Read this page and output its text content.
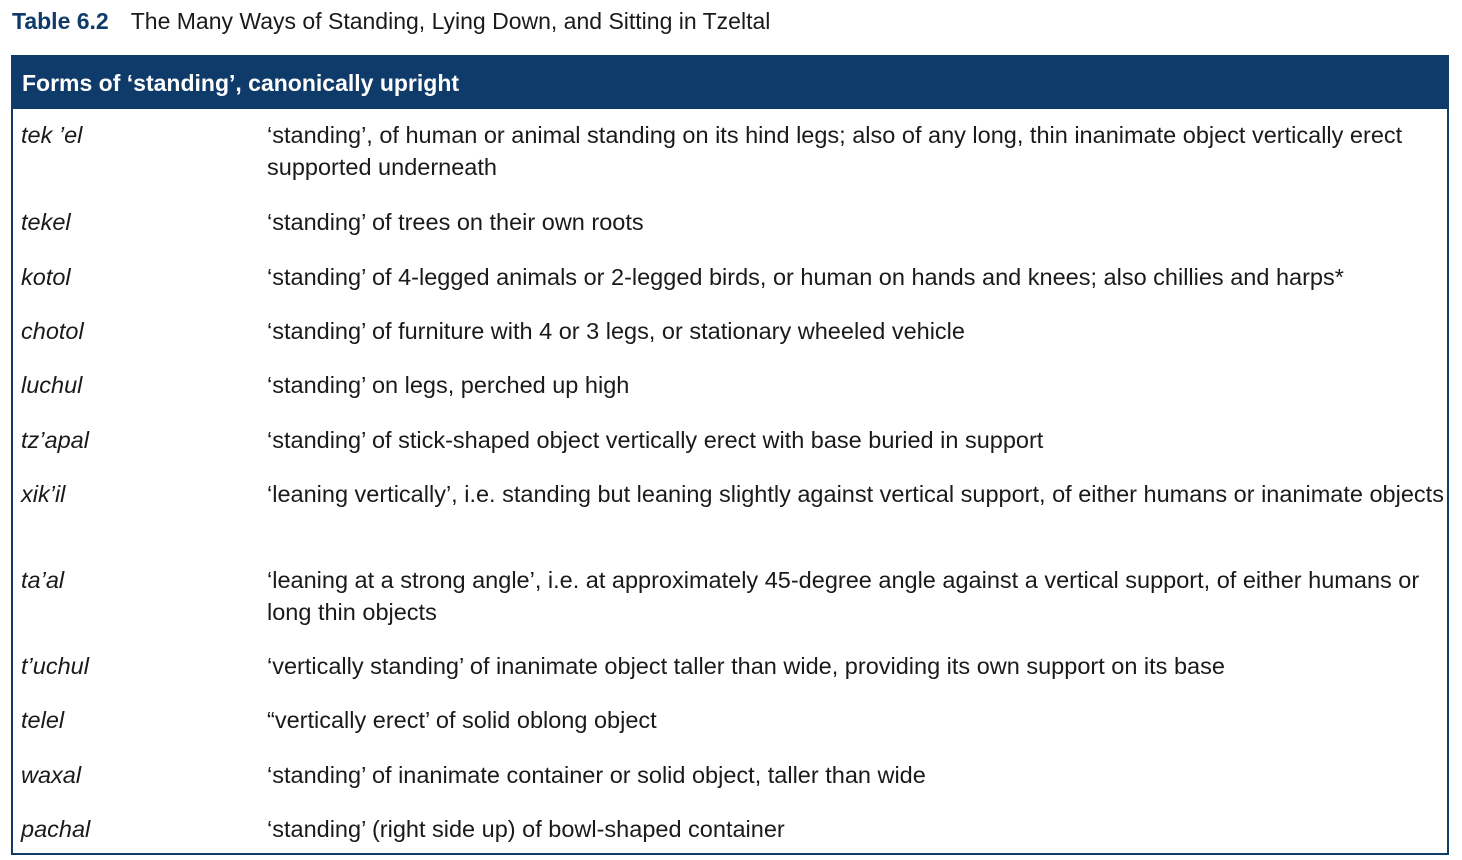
Table 6.2 The Many Ways of Standing, Lying Down, and Sitting in Tzeltal
Forms of ‘standing’, canonically upright
tek ’el	‘standing’, of human or animal standing on its hind legs; also of any long, thin inanimate object vertically erect supported underneath
tekel	‘standing’ of trees on their own roots
kotol	‘standing’ of 4-legged animals or 2-legged birds, or human on hands and knees; also chillies and harps*
chotol	‘standing’ of furniture with 4 or 3 legs, or stationary wheeled vehicle
luchul	‘standing’ on legs, perched up high
tz’apal	‘standing’ of stick-shaped object vertically erect with base buried in support
xik’il	‘leaning vertically’, i.e. standing but leaning slightly against vertical support, of either humans or inanimate objects
ta’al	‘leaning at a strong angle’, i.e. at approximately 45-degree angle against a vertical support, of either humans or long thin objects
t’uchul	‘vertically standing’ of inanimate object taller than wide, providing its own support on its base
telel	“vertically erect’ of solid oblong object
waxal	‘standing’ of inanimate container or solid object, taller than wide
pachal	‘standing’ (right side up) of bowl-shaped container
